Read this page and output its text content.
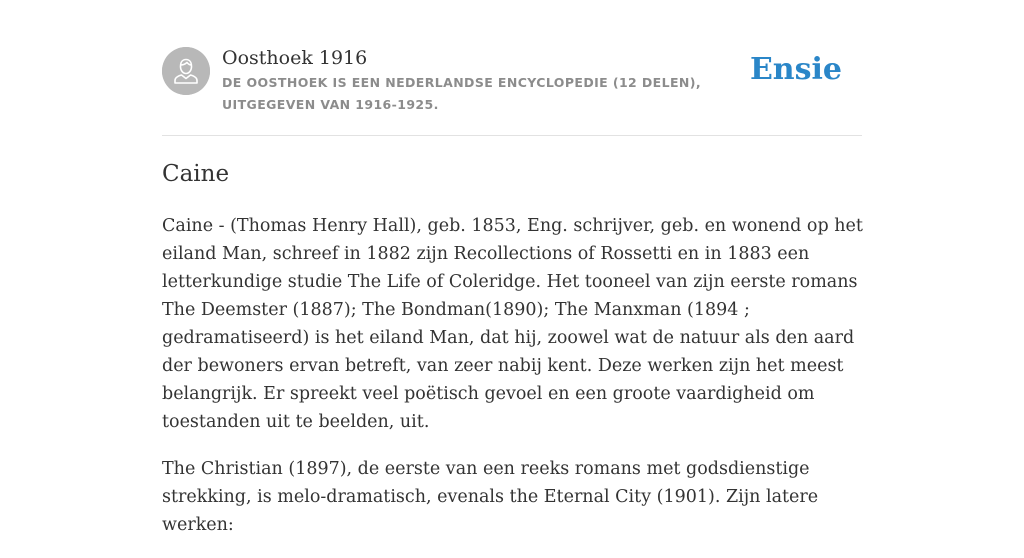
Oosthoek 1916
DE OOSTHOEK IS EEN NEDERLANDSE ENCYCLOPEDIE (12 DELEN), UITGEGEVEN VAN 1916-1925.
Ensie
Caine

Caine - (Thomas Henry Hall), geb. 1853, Eng. schrijver, geb. en wonend op het eiland Man, schreef in 1882 zijn Recollections of Rossetti en in 1883 een letterkundige studie The Life of Coleridge. Het tooneel van zijn eerste romans The Deemster (1887); The Bondman(1890); The Manxman (1894 ; gedramatiseerd) is het eiland Man, dat hij, zoowel wat de natuur als den aard der bewoners ervan betreft, van zeer nabij kent. Deze werken zijn het meest belangrijk. Er spreekt veel poëtisch gevoel en een groote vaardigheid om toestanden uit te beelden, uit.

The Christian (1897), de eerste van een reeks romans met godsdienstige strekking, is melo-dramatisch, evenals the Eternal City (1901). Zijn latere werken:
